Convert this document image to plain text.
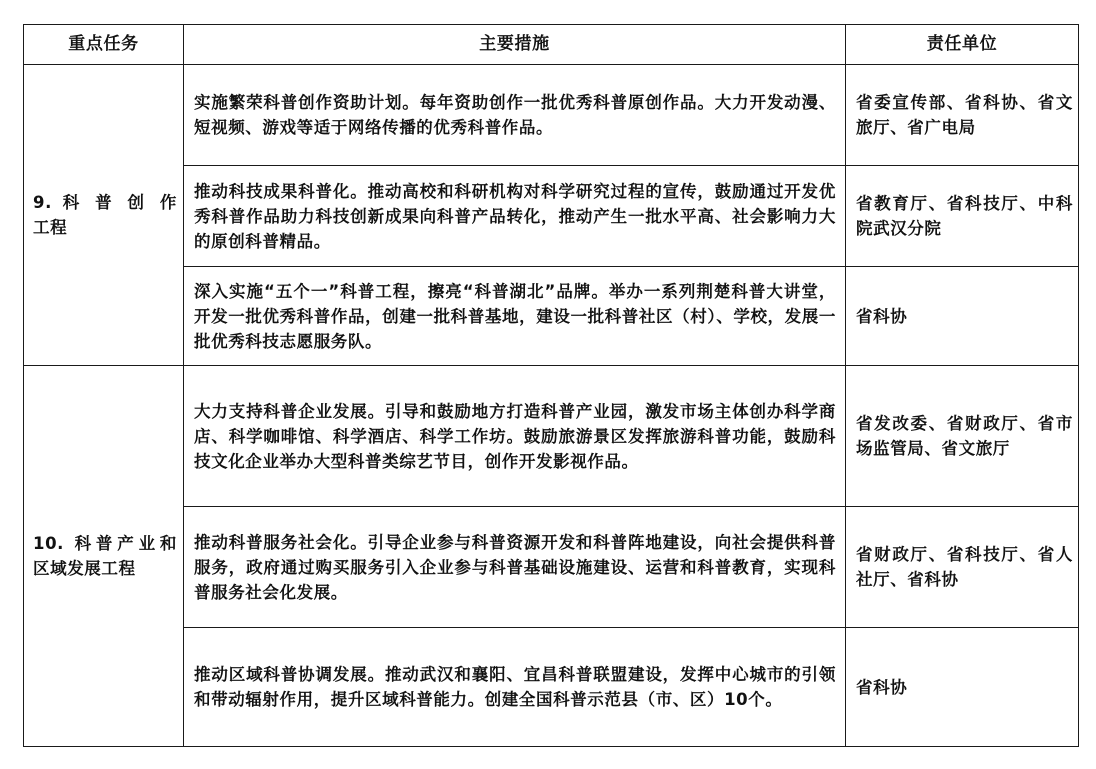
重点任务	主要措施	责任单位

9. 科 普 创 作
工程	实施繁荣科普创作资助计划。每年资助创作一批优秀科普原创作品。大力开发动漫、短视频、游戏等适于网络传播的优秀科普作品。	省委宣传部、省科协、省文旅厅、省广电局
	推动科技成果科普化。推动高校和科研机构对科学研究过程的宣传，鼓励通过开发优秀科普作品助力科技创新成果向科普产品转化，推动产生一批水平高、社会影响力大的原创科普精品。	省教育厅、省科技厅、中科院武汉分院
	深入实施“五个一”科普工程，擦亮“科普湖北”品牌。举办一系列荆楚科普大讲堂，开发一批优秀科普作品，创建一批科普基地，建设一批科普社区（村）、学校，发展一批优秀科技志愿服务队。	省科协

10. 科普产业和
区域发展工程	大力支持科普企业发展。引导和鼓励地方打造科普产业园，激发市场主体创办科学商店、科学咖啡馆、科学酒店、科学工作坊。鼓励旅游景区发挥旅游科普功能，鼓励科技文化企业举办大型科普类综艺节目，创作开发影视作品。	省发改委、省财政厅、省市场监管局、省文旅厅
	推动科普服务社会化。引导企业参与科普资源开发和科普阵地建设，向社会提供科普服务，政府通过购买服务引入企业参与科普基础设施建设、运营和科普教育，实现科普服务社会化发展。	省财政厅、省科技厅、省人社厅、省科协
	推动区域科普协调发展。推动武汉和襄阳、宜昌科普联盟建设，发挥中心城市的引领和带动辐射作用，提升区域科普能力。创建全国科普示范县（市、区）10个。	省科协
